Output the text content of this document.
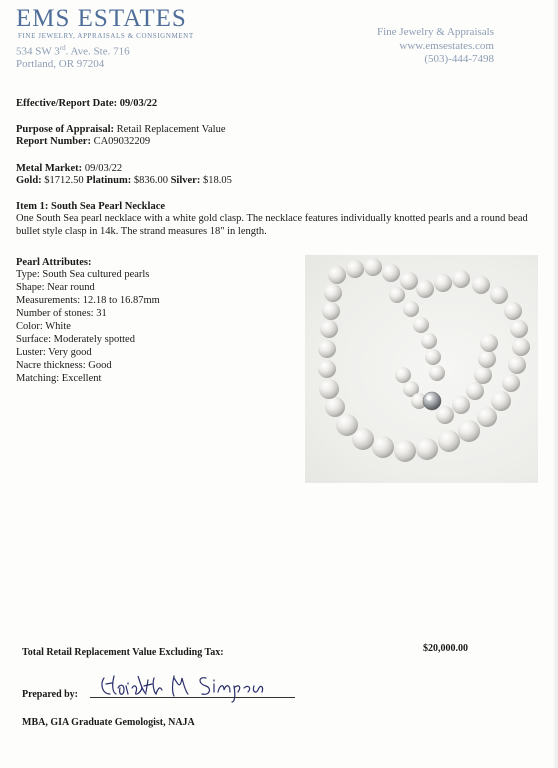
EMS ESTATES
FINE JEWELRY, APPRAISALS & CONSIGNMENT
534 SW 3rd. Ave. Ste. 716
Portland, OR 97204
Fine Jewelry & Appraisals
www.emsestates.com
(503)-444-7498
Effective/Report Date: 09/03/22
Purpose of Appraisal: Retail Replacement Value
Report Number: CA09032209
Metal Market: 09/03/22
Gold: $1712.50 Platinum: $836.00 Silver: $18.05
Item 1: South Sea Pearl Necklace
One South Sea pearl necklace with a white gold clasp. The necklace features individually knotted pearls and a round bead bullet style clasp in 14k. The strand measures 18" in length.

Pearl Attributes:
Type: South Sea cultured pearls
Shape: Near round
Measurements: 12.18 to 16.87mm
Number of stones: 31
Color: White
Surface: Moderately spotted
Luster: Very good
Nacre thickness: Good
Matching: Excellent
Total Retail Replacement Value Excluding Tax:	$20,000.00
Prepared by:
MBA, GIA Graduate Gemologist, NAJA
